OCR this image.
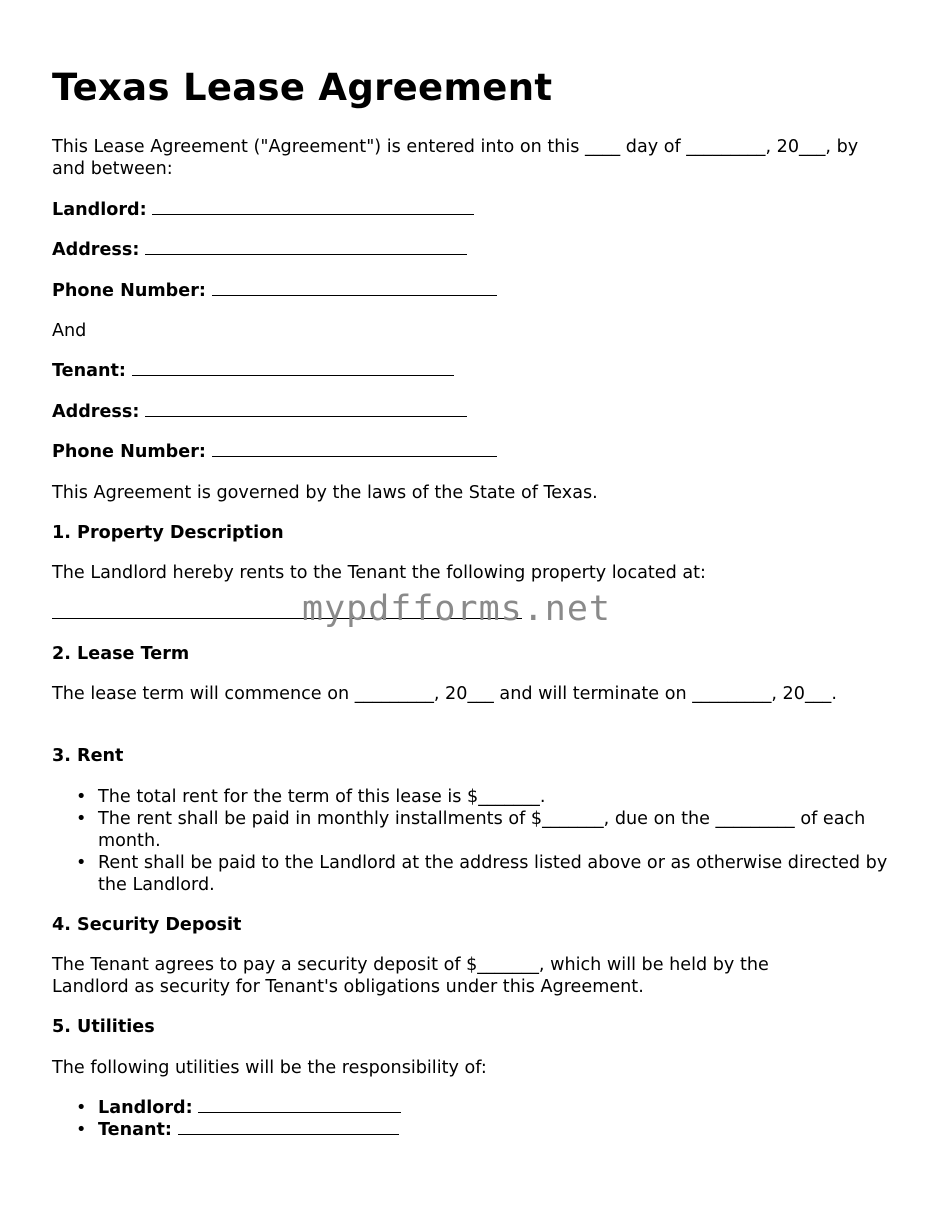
Texas Lease Agreement

This Lease Agreement ("Agreement") is entered into on this ____ day of _________, 20___, by and between:

Landlord:
Address:
Phone Number:

And

Tenant:
Address:
Phone Number:

This Agreement is governed by the laws of the State of Texas.

1. Property Description

The Landlord hereby rents to the Tenant the following property located at:

2. Lease Term

The lease term will commence on _________, 20___ and will terminate on _________, 20___.

3. Rent

• The total rent for the term of this lease is $_______.
• The rent shall be paid in monthly installments of $_______, due on the _________ of each month.
• Rent shall be paid to the Landlord at the address listed above or as otherwise directed by the Landlord.

4. Security Deposit

The Tenant agrees to pay a security deposit of $_______, which will be held by the Landlord as security for Tenant's obligations under this Agreement.

5. Utilities

The following utilities will be the responsibility of:

• Landlord:
• Tenant:
mypdfforms.net
